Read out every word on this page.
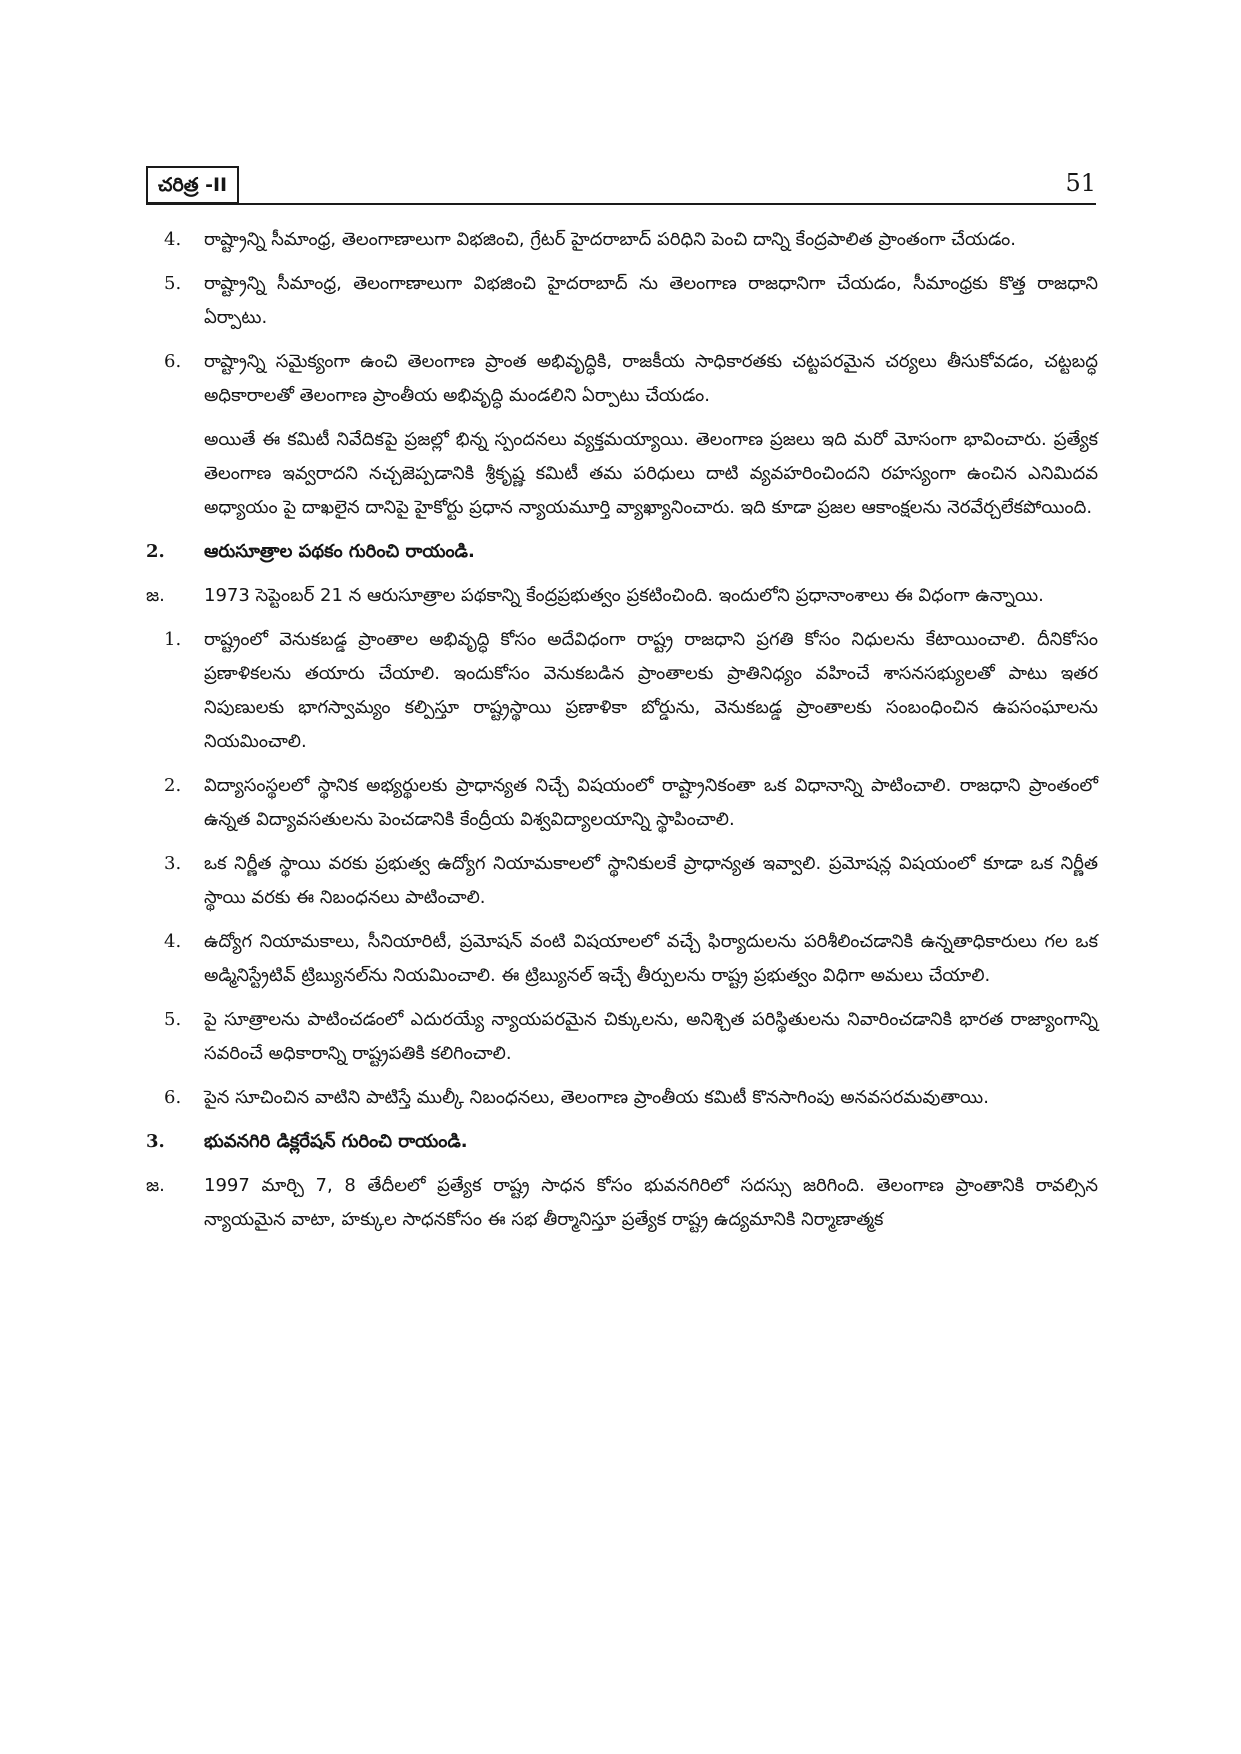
చరిత్ర -II	51
4. రాష్ట్రాన్ని సీమాంధ్ర, తెలంగాణాలుగా విభజించి, గ్రేటర్ హైదరాబాద్ పరిధిని పెంచి దాన్ని కేంద్రపాలిత ప్రాంతంగా చేయడం.
5. రాష్ట్రాన్ని సీమాంధ్ర, తెలంగాణాలుగా విభజించి హైదరాబాద్ ను తెలంగాణ రాజధానిగా చేయడం, సీమాంధ్రకు కొత్త రాజధాని ఏర్పాటు.
6. రాష్ట్రాన్ని సమైక్యంగా ఉంచి తెలంగాణ ప్రాంత అభివృద్ధికి, రాజకీయ సాధికారతకు చట్టపరమైన చర్యలు తీసుకోవడం, చట్టబద్ధ అధికారాలతో తెలంగాణ ప్రాంతీయ అభివృద్ధి మండలిని ఏర్పాటు చేయడం.
అయితే ఈ కమిటీ నివేదికపై ప్రజల్లో భిన్న స్పందనలు వ్యక్తమయ్యాయి. తెలంగాణ ప్రజలు ఇది మరో మోసంగా భావించారు. ప్రత్యేక తెలంగాణ ఇవ్వరాదని నచ్చజెప్పడానికి శ్రీకృష్ణ కమిటీ తమ పరిధులు దాటి వ్యవహరించిందని రహస్యంగా ఉంచిన ఎనిమిదవ అధ్యాయం పై దాఖలైన దానిపై హైకోర్టు ప్రధాన న్యాయమూర్తి వ్యాఖ్యానించారు. ఇది కూడా ప్రజల ఆకాంక్షలను నెరవేర్చలేకపోయింది.
2. ఆరుసూత్రాల పథకం గురించి రాయండి.
జ. 1973 సెప్టెంబర్ 21 న ఆరుసూత్రాల పథకాన్ని కేంద్రప్రభుత్వం ప్రకటించింది. ఇందులోని ప్రధానాంశాలు ఈ విధంగా ఉన్నాయి.
1. రాష్ట్రంలో వెనుకబడ్డ ప్రాంతాల అభివృద్ధి కోసం అదేవిధంగా రాష్ట్ర రాజధాని ప్రగతి కోసం నిధులను కేటాయించాలి. దీనికోసం ప్రణాళికలను తయారు చేయాలి. ఇందుకోసం వెనుకబడిన ప్రాంతాలకు ప్రాతినిధ్యం వహించే శాసనసభ్యులతో పాటు ఇతర నిపుణులకు భాగస్వామ్యం కల్పిస్తూ రాష్ట్రస్థాయి ప్రణాళికా బోర్డును, వెనుకబడ్డ ప్రాంతాలకు సంబంధించిన ఉపసంఘాలను నియమించాలి.
2. విద్యాసంస్థలలో స్థానిక అభ్యర్థులకు ప్రాధాన్యత నిచ్చే విషయంలో రాష్ట్రానికంతా ఒక విధానాన్ని పాటించాలి. రాజధాని ప్రాంతంలో ఉన్నత విద్యావసతులను పెంచడానికి కేంద్రీయ విశ్వవిద్యాలయాన్ని స్థాపించాలి.
3. ఒక నిర్ణీత స్థాయి వరకు ప్రభుత్వ ఉద్యోగ నియామకాలలో స్థానికులకే ప్రాధాన్యత ఇవ్వాలి. ప్రమోషన్ల విషయంలో కూడా ఒక నిర్ణీత స్థాయి వరకు ఈ నిబంధనలు పాటించాలి.
4. ఉద్యోగ నియామకాలు, సీనియారిటీ, ప్రమోషన్ వంటి విషయాలలో వచ్చే ఫిర్యాదులను పరిశీలించడానికి ఉన్నతాధికారులు గల ఒక అడ్మినిస్ట్రేటివ్ ట్రిబ్యునల్‌ను నియమించాలి. ఈ ట్రిబ్యునల్ ఇచ్చే తీర్పులను రాష్ట్ర ప్రభుత్వం విధిగా అమలు చేయాలి.
5. పై సూత్రాలను పాటించడంలో ఎదురయ్యే న్యాయపరమైన చిక్కులను, అనిశ్చిత పరిస్థితులను నివారించడానికి భారత రాజ్యాంగాన్ని సవరించే అధికారాన్ని రాష్ట్రపతికి కలిగించాలి.
6. పైన సూచించిన వాటిని పాటిస్తే ముల్కీ నిబంధనలు, తెలంగాణ ప్రాంతీయ కమిటీ కొనసాగింపు అనవసరమవుతాయి.
3. భువనగిరి డిక్లరేషన్ గురించి రాయండి.
జ. 1997 మార్చి 7, 8 తేదీలలో ప్రత్యేక రాష్ట్ర సాధన కోసం భువనగిరిలో సదస్సు జరిగింది. తెలంగాణ ప్రాంతానికి రావల్సిన న్యాయమైన వాటా, హక్కుల సాధనకోసం ఈ సభ తీర్మానిస్తూ ప్రత్యేక రాష్ట్ర ఉద్యమానికి నిర్మాణాత్మక
